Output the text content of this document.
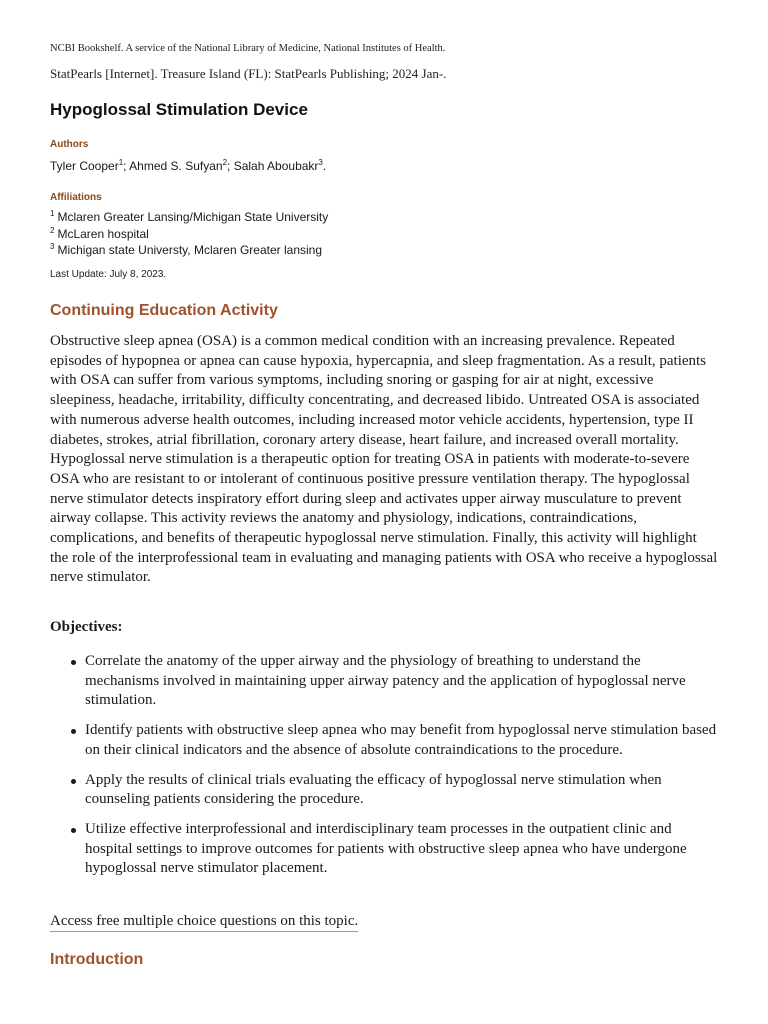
NCBI Bookshelf. A service of the National Library of Medicine, National Institutes of Health.
StatPearls [Internet]. Treasure Island (FL): StatPearls Publishing; 2024 Jan-.
Hypoglossal Stimulation Device
Authors
Tyler Cooper$^1$; Ahmed S. Sufyan$^2$; Salah Aboubakr$^3$.
Affiliations
$^1$ Mclaren Greater Lansing/Michigan State University
$^2$ McLaren hospital
$^3$ Michigan state Universty, Mclaren Greater lansing
Last Update: July 8, 2023.
Continuing Education Activity

Obstructive sleep apnea (OSA) is a common medical condition with an increasing prevalence. Repeated episodes of hypopnea or apnea can cause hypoxia, hypercapnia, and sleep fragmentation. As a result, patients with OSA can suffer from various symptoms, including snoring or gasping for air at night, excessive sleepiness, headache, irritability, difficulty concentrating, and decreased libido. Untreated OSA is associated with numerous adverse health outcomes, including increased motor vehicle accidents, hypertension, type II diabetes, strokes, atrial fibrillation, coronary artery disease, heart failure, and increased overall mortality. Hypoglossal nerve stimulation is a therapeutic option for treating OSA in patients with moderate-to-severe OSA who are resistant to or intolerant of continuous positive pressure ventilation therapy. The hypoglossal nerve stimulator detects inspiratory effort during sleep and activates upper airway musculature to prevent airway collapse. This activity reviews the anatomy and physiology, indications, contraindications, complications, and benefits of therapeutic hypoglossal nerve stimulation. Finally, this activity will highlight the role of the interprofessional team in evaluating and managing patients with OSA who receive a hypoglossal nerve stimulator.

Objectives:
Correlate the anatomy of the upper airway and the physiology of breathing to understand the mechanisms involved in maintaining upper airway patency and the application of hypoglossal nerve stimulation.
Identify patients with obstructive sleep apnea who may benefit from hypoglossal nerve stimulation based on their clinical indicators and the absence of absolute contraindications to the procedure.
Apply the results of clinical trials evaluating the efficacy of hypoglossal nerve stimulation when counseling patients considering the procedure.
Utilize effective interprofessional and interdisciplinary team processes in the outpatient clinic and hospital settings to improve outcomes for patients with obstructive sleep apnea who have undergone hypoglossal nerve stimulator placement.
Access free multiple choice questions on this topic.
Introduction
